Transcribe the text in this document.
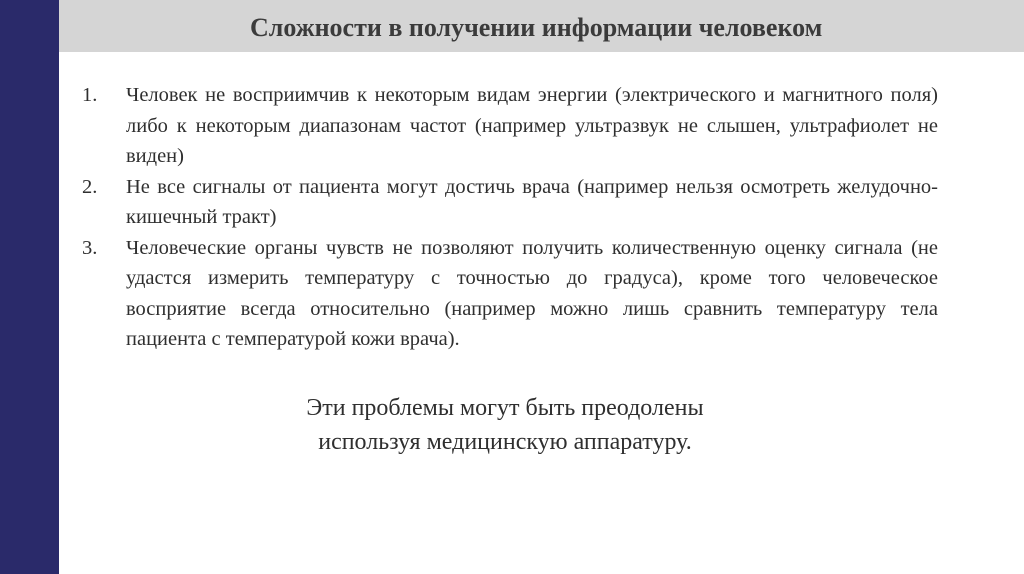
Сложности в получении информации человеком
1. Человек не восприимчив к некоторым видам энергии (электрического и магнитного поля) либо к некоторым диапазонам частот (например ультразвук не слышен, ультрафиолет не виден)
2. Не все сигналы от пациента могут достичь врача (например нельзя осмотреть желудочно-кишечный тракт)
3. Человеческие органы чувств не позволяют получить количественную оценку сигнала (не удастся измерить температуру с точностью до градуса), кроме того человеческое восприятие всегда относительно (например можно лишь сравнить температуру тела пациента с температурой кожи врача).
Эти проблемы могут быть преодолены
используя медицинскую аппаратуру.
